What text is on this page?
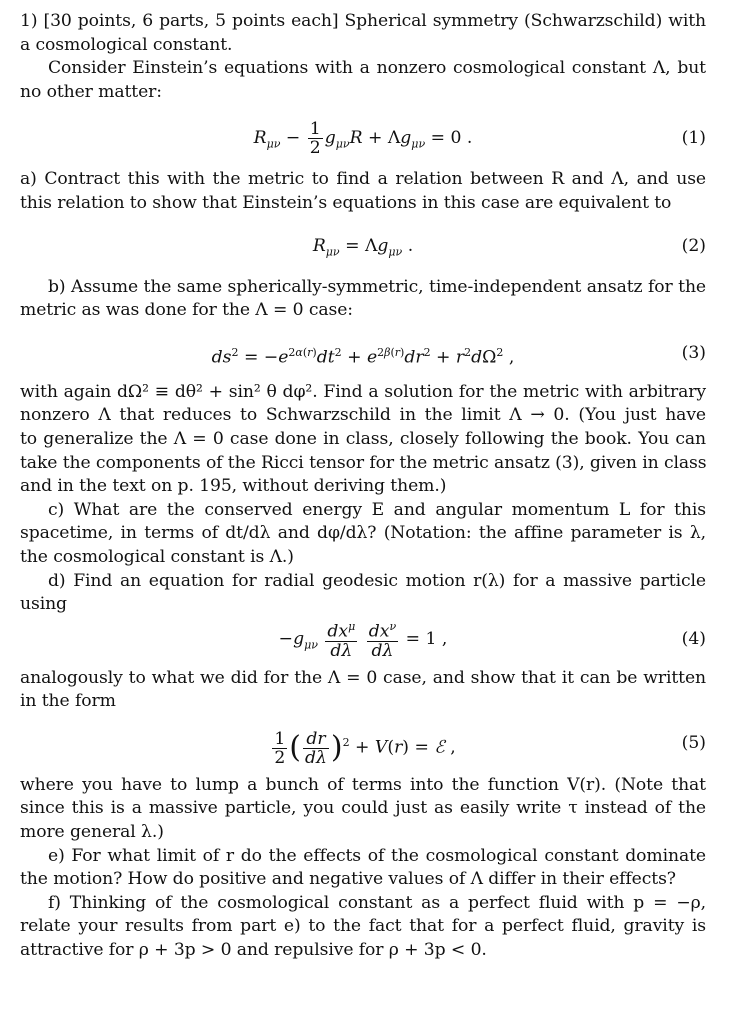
1) [30 points, 6 parts, 5 points each] Spherical symmetry (Schwarzschild) with
a cosmological constant.
Consider Einstein’s equations with a nonzero cosmological constant Λ, but
no other matter:
$R_{\mu\nu} - \frac{1}{2} g_{\mu\nu}R + \Lambda g_{\mu\nu} = 0$ .	(1)
a) Contract this with the metric to find a relation between R and Λ, and use
this relation to show that Einstein’s equations in this case are equivalent to
$R_{\mu\nu} = \Lambda g_{\mu\nu}$ .	(2)
b) Assume the same spherically-symmetric, time-independent ansatz for the
metric as was done for the Λ = 0 case:
$ds^2 = -e^{2\alpha(r)}dt^2 + e^{2\beta(r)}dr^2 + r^2d\Omega^2$ ,	(3)
with again dΩ² ≡ dθ² + sin² θ dφ². Find a solution for the metric with arbitrary
nonzero Λ that reduces to Schwarzschild in the limit Λ → 0. (You just have
to generalize the Λ = 0 case done in class, closely following the book. You can
take the components of the Ricci tensor for the metric ansatz (3), given in class
and in the text on p. 195, without deriving them.)
c) What are the conserved energy E and angular momentum L for this
spacetime, in terms of dt/dλ and dφ/dλ? (Notation: the affine parameter is λ,
the cosmological constant is Λ.)
d) Find an equation for radial geodesic motion r(λ) for a massive particle
using
$-g_{\mu\nu} \frac{dx^\mu}{d\lambda}$
$\frac{dx^\nu}{d\lambda} = 1$ ,	(4)
analogously to what we did for the Λ = 0 case, and show that it can be written
in the form
$\frac{1}{2}$ ( $\frac{dr}{d\lambda} )^2 + V(r)$ = ℰ ,	(5)
where you have to lump a bunch of terms into the function V(r). (Note that
since this is a massive particle, you could just as easily write τ instead of the
more general λ.)
e) For what limit of r do the effects of the cosmological constant dominate
the motion? How do positive and negative values of Λ differ in their effects?
f) Thinking of the cosmological constant as a perfect fluid with p = −ρ,
relate your results from part e) to the fact that for a perfect fluid, gravity is
attractive for ρ + 3p > 0 and repulsive for ρ + 3p < 0.
